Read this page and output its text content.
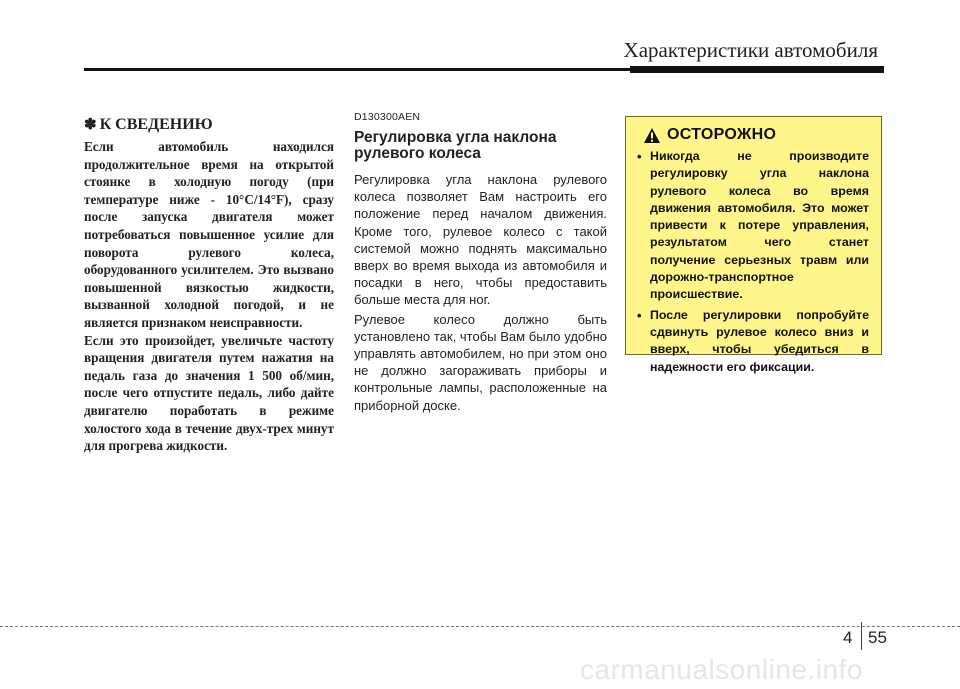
Характеристики автомобиля
✽ К СВЕДЕНИЮ

Если автомобиль находился продолжительное время на открытой стоянке в холодную погоду (при температуре ниже - 10°C/14°F), сразу после запуска двигателя может потребоваться повышенное усилие для поворота рулевого колеса, оборудованного усилителем. Это вызвано повышенной вязкостью жидкости, вызванной холодной погодой, и не является признаком неисправности.

Если это произойдет, увеличьте частоту вращения двигателя путем нажатия на педаль газа до значения 1 500 об/мин, после чего отпустите педаль, либо дайте двигателю поработать в режиме холостого хода в течение двух-трех минут для прогрева жидкости.

D130300AEN
Регулировка угла наклона рулевого колеса

Регулировка угла наклона рулевого колеса позволяет Вам настроить его положение перед началом движения. Кроме того, рулевое колесо с такой системой можно поднять максимально вверх во время выхода из автомобиля и посадки в него, чтобы предоставить больше места для ног.

Рулевое колесо должно быть установлено так, чтобы Вам было удобно управлять автомобилем, но при этом оно не должно загораживать приборы и контрольные лампы, расположенные на приборной доске.

ОСТОРОЖНО
• Никогда не производите регулировку угла наклона рулевого колеса во время движения автомобиля. Это может привести к потере управления, результатом чего станет получение серьезных травм или дорожно-транспортное происшествие.
• После регулировки попробуйте сдвинуть рулевое колесо вниз и вверх, чтобы убедиться в надежности его фиксации.
4 55
carmanualsonline.info
